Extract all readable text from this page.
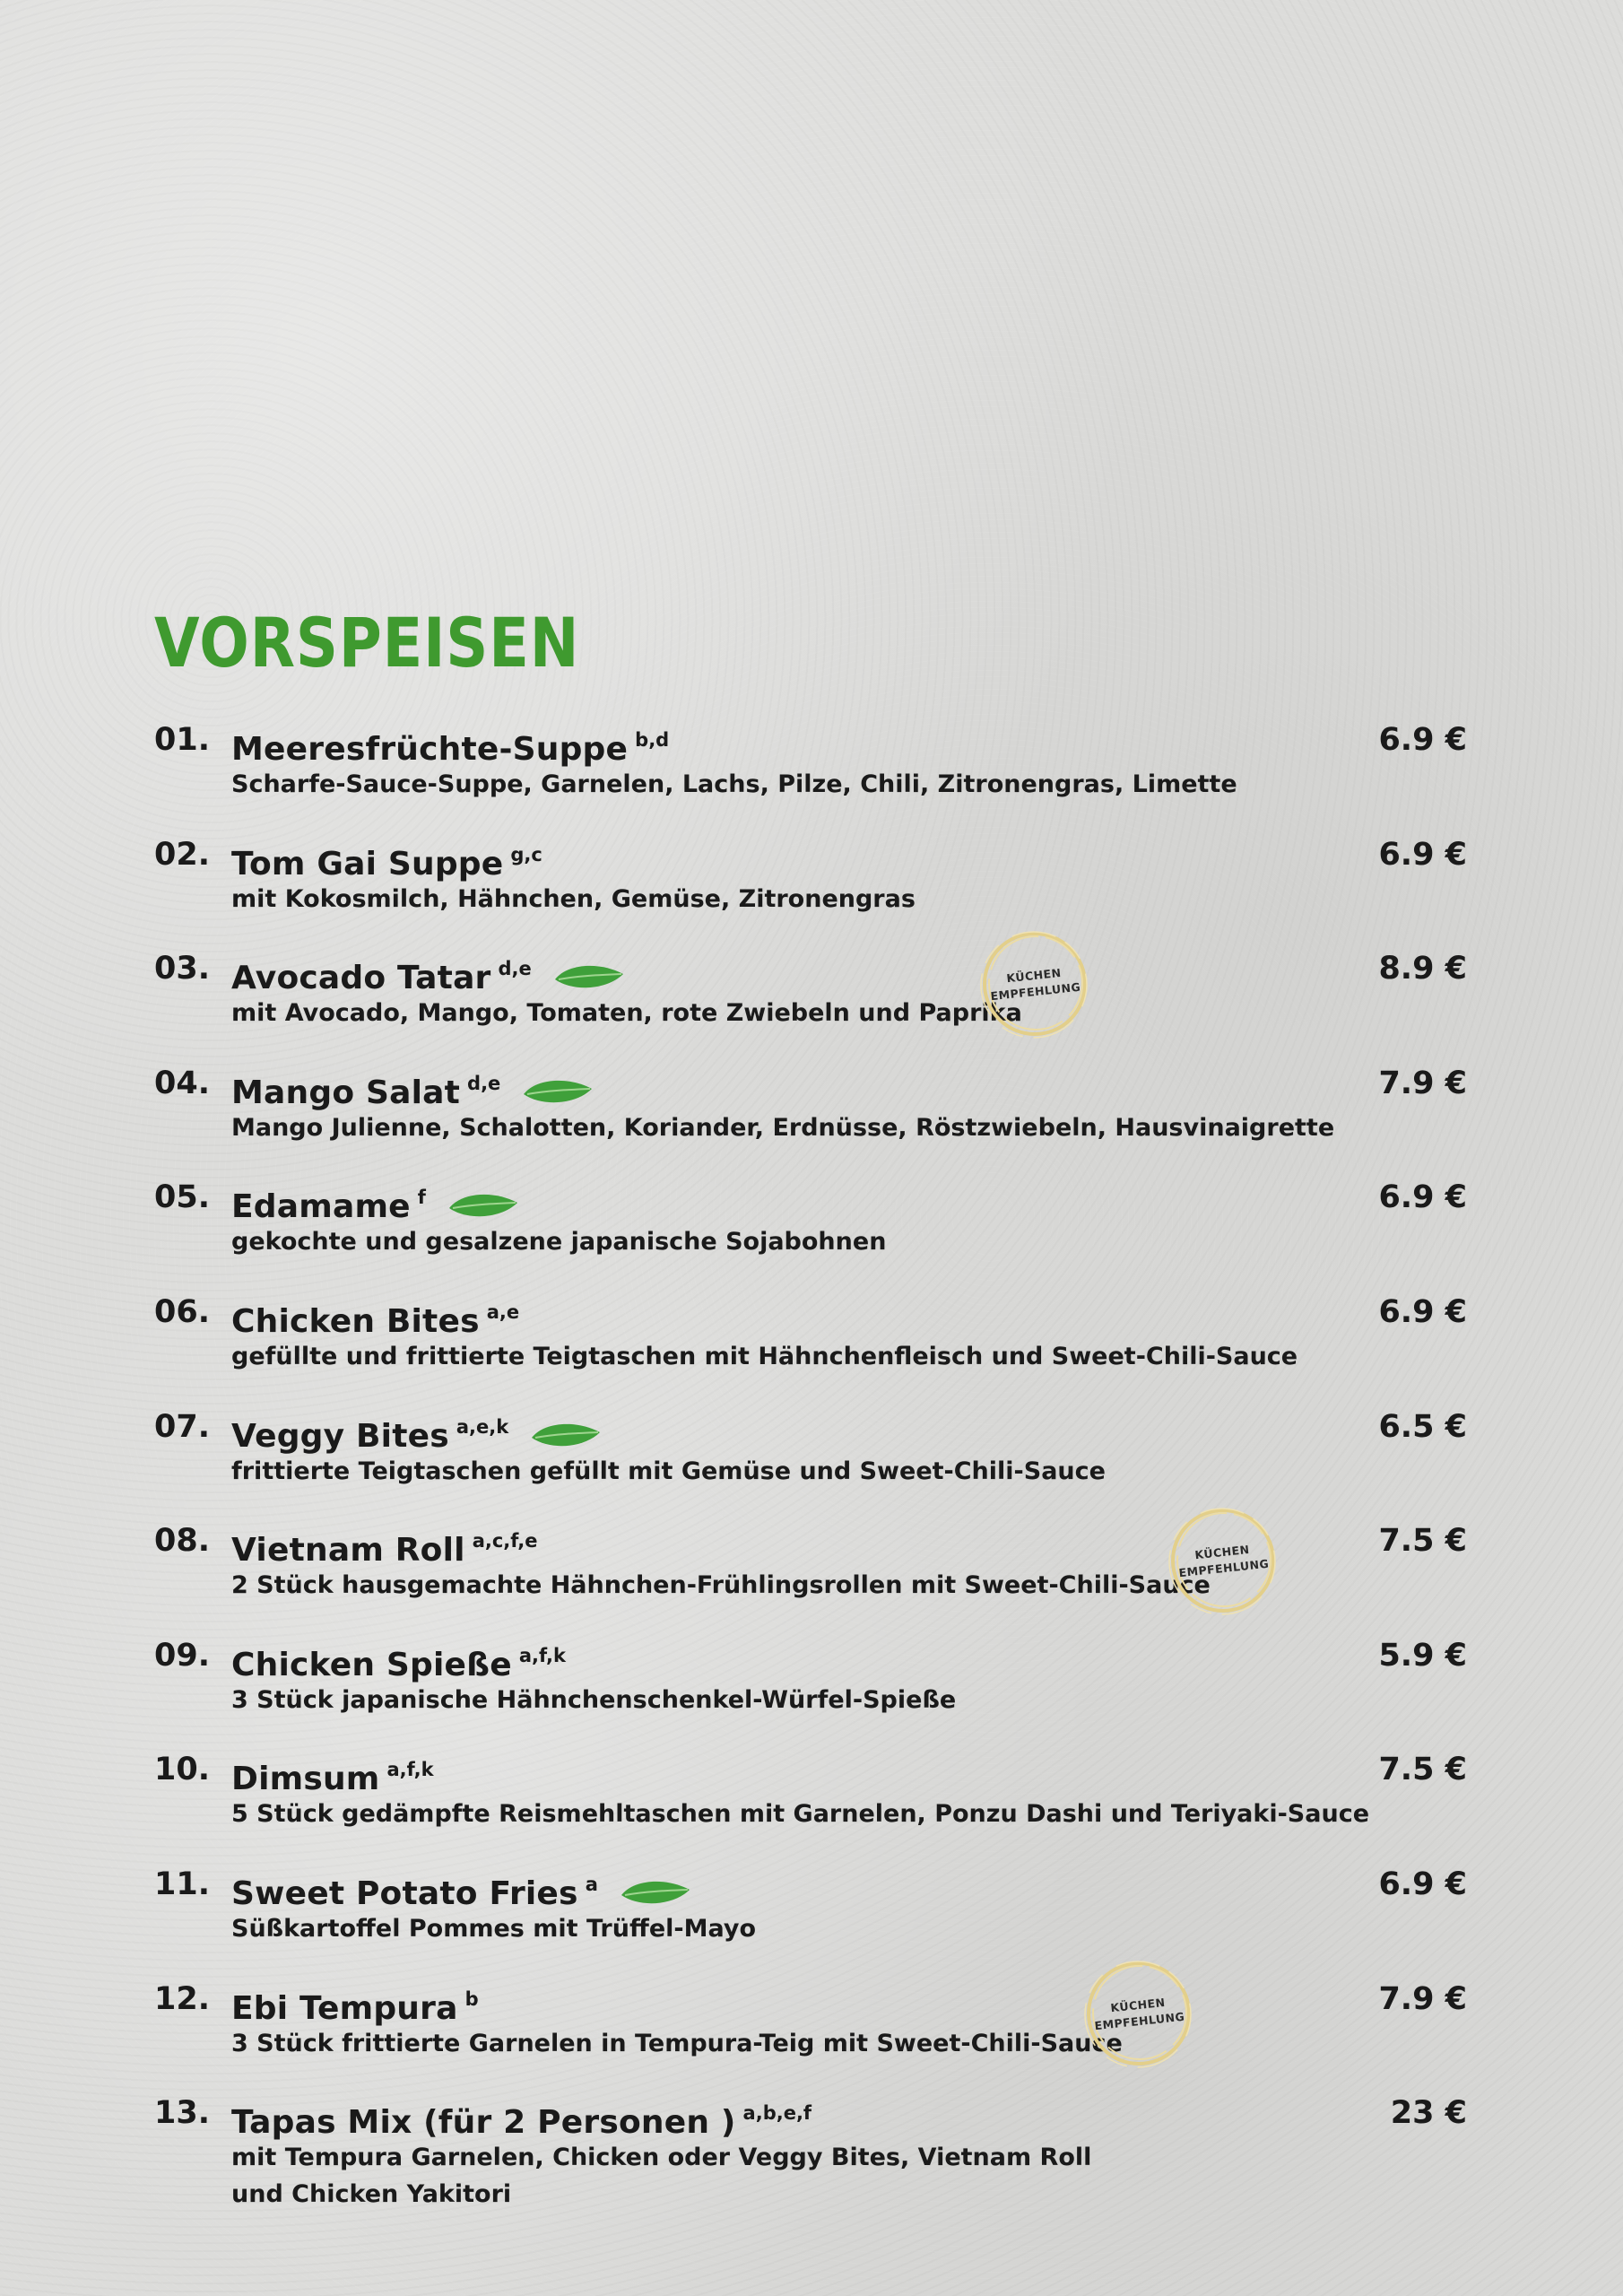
VORSPEISEN
01. Meeresfrüchte-Suppe b,d
Scharfe-Sauce-Suppe, Garnelen, Lachs, Pilze, Chili, Zitronengras, Limette
6.9 €
02. Tom Gai Suppe g,c
mit Kokosmilch, Hähnchen, Gemüse, Zitronengras
6.9 €
03. Avocado Tatar d,e
mit Avocado, Mango, Tomaten, rote Zwiebeln und Paprika
8.9 €
04. Mango Salat d,e
Mango Julienne, Schalotten, Koriander, Erdnüsse, Röstzwiebeln, Hausvinaigrette
7.9 €
05. Edamame f
gekochte und gesalzene japanische Sojabohnen
6.9 €
06. Chicken Bites a,e
gefüllte und frittierte Teigtaschen mit Hähnchenfleisch und Sweet-Chili-Sauce
6.9 €
07. Veggy Bites a,e,k
frittierte Teigtaschen gefüllt mit Gemüse und Sweet-Chili-Sauce
6.5 €
08. Vietnam Roll a,c,f,e
2 Stück hausgemachte Hähnchen-Frühlingsrollen mit Sweet-Chili-Sauce
7.5 €
09. Chicken Spieße a,f,k
3 Stück japanische Hähnchenschenkel-Würfel-Spieße
5.9 €
10. Dimsum a,f,k
5 Stück gedämpfte Reismehltaschen mit Garnelen, Ponzu Dashi und Teriyaki-Sauce
7.5 €
11. Sweet Potato Fries a
Süßkartoffel Pommes mit Trüffel-Mayo
6.9 €
12. Ebi Tempura b
3 Stück frittierte Garnelen in Tempura-Teig mit Sweet-Chili-Sauce
7.9 €
13. Tapas Mix (für 2 Personen ) a,b,e,f
mit Tempura Garnelen, Chicken oder Veggy Bites, Vietnam Roll
und Chicken Yakitori
23 €
KÜCHEN
EMPFEHLUNG
KÜCHEN
EMPFEHLUNG
KÜCHEN
EMPFEHLUNG
